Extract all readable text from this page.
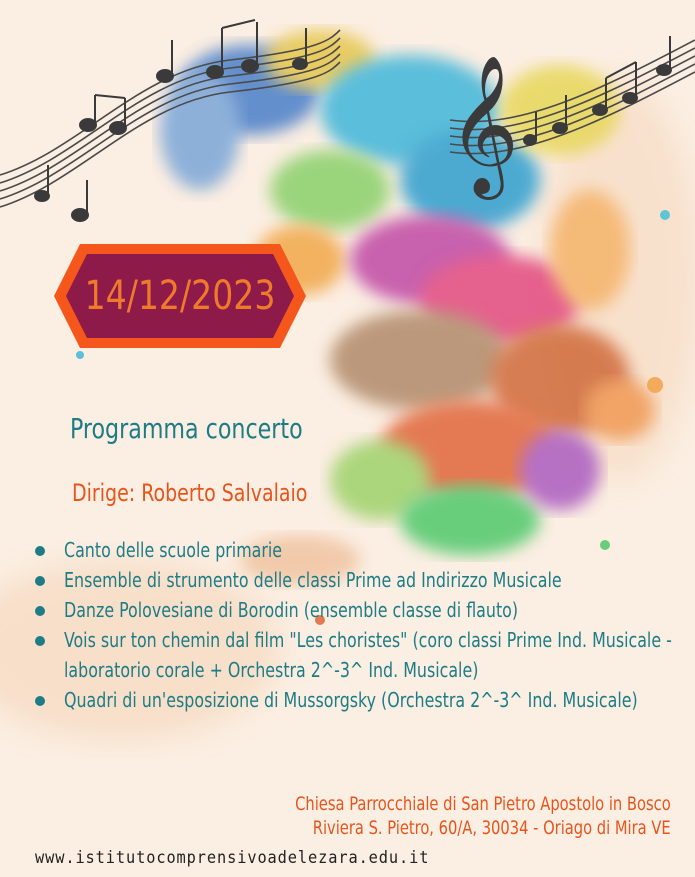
𝄞
14/12/2023
Programma concerto
Dirige: Roberto Salvalaio
Canto delle scuole primarie
Ensemble di strumento delle classi Prime ad Indirizzo Musicale
Danze Polovesiane di Borodin (ensemble classe di flauto)
Vois sur ton chemin dal film "Les choristes" (coro classi Prime Ind. Musicale - laboratorio corale + Orchestra 2^-3^ Ind. Musicale)
Quadri di un'esposizione di Mussorgsky (Orchestra 2^-3^ Ind. Musicale)
Chiesa Parrocchiale di San Pietro Apostolo in Bosco
Riviera S. Pietro, 60/A, 30034 - Oriago di Mira VE
www.istitutocomprensivoadelezara.edu.it
